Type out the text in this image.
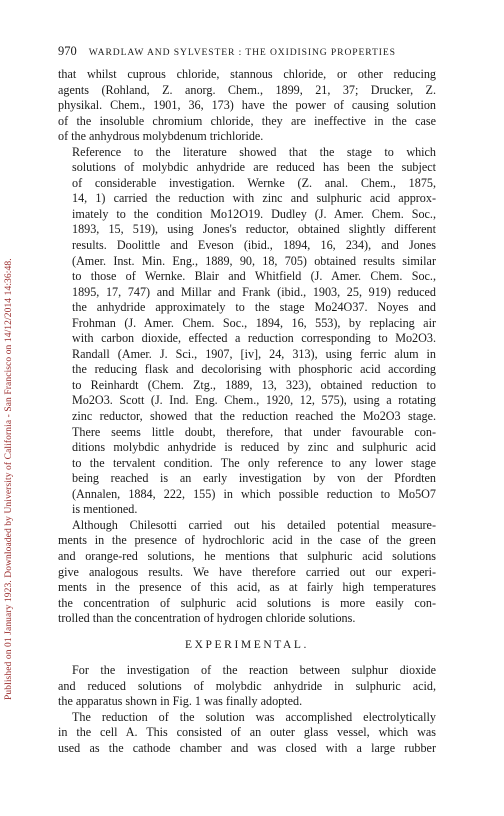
Published on 01 January 1923. Downloaded by University of California - San Francisco on 14/12/2014 14:36:48.
970 WARDLAW AND SYLVESTER : THE OXIDISING PROPERTIES

that whilst cuprous chloride, stannous chloride, or other reducing
agents (Rohland, Z. anorg. Chem., 1899, 21, 37; Drucker, Z.
physikal. Chem., 1901, 36, 173) have the power of causing solution
of the insoluble chromium chloride, they are ineffective in the case
of the anhydrous molybdenum trichloride.

Reference to the literature showed that the stage to which
solutions of molybdic anhydride are reduced has been the subject
of considerable investigation. Wernke (Z. anal. Chem., 1875,
14, 1) carried the reduction with zinc and sulphuric acid approx-
imately to the condition Mo12O19. Dudley (J. Amer. Chem. Soc.,
1893, 15, 519), using Jones's reductor, obtained slightly different
results. Doolittle and Eveson (ibid., 1894, 16, 234), and Jones
(Amer. Inst. Min. Eng., 1889, 90, 18, 705) obtained results similar
to those of Wernke. Blair and Whitfield (J. Amer. Chem. Soc.,
1895, 17, 747) and Millar and Frank (ibid., 1903, 25, 919) reduced
the anhydride approximately to the stage Mo24O37. Noyes and
Frohman (J. Amer. Chem. Soc., 1894, 16, 553), by replacing air
with carbon dioxide, effected a reduction corresponding to Mo2O3.
Randall (Amer. J. Sci., 1907, [iv], 24, 313), using ferric alum in
the reducing flask and decolorising with phosphoric acid according
to Reinhardt (Chem. Ztg., 1889, 13, 323), obtained reduction to
Mo2O3. Scott (J. Ind. Eng. Chem., 1920, 12, 575), using a rotating
zinc reductor, showed that the reduction reached the Mo2O3 stage.
There seems little doubt, therefore, that under favourable con-
ditions molybdic anhydride is reduced by zinc and sulphuric acid
to the tervalent condition. The only reference to any lower stage
being reached is an early investigation by von der Pfordten
(Annalen, 1884, 222, 155) in which possible reduction to Mo5O7
is mentioned.

Although Chilesotti carried out his detailed potential measure-
ments in the presence of hydrochloric acid in the case of the green
and orange-red solutions, he mentions that sulphuric acid solutions
give analogous results. We have therefore carried out our experi-
ments in the presence of this acid, as at fairly high temperatures
the concentration of sulphuric acid solutions is more easily con-
trolled than the concentration of hydrogen chloride solutions.

EXPERIMENTAL.

For the investigation of the reaction between sulphur dioxide
and reduced solutions of molybdic anhydride in sulphuric acid,
the apparatus shown in Fig. 1 was finally adopted.

The reduction of the solution was accomplished electrolytically
in the cell A. This consisted of an outer glass vessel, which was
used as the cathode chamber and was closed with a large rubber
